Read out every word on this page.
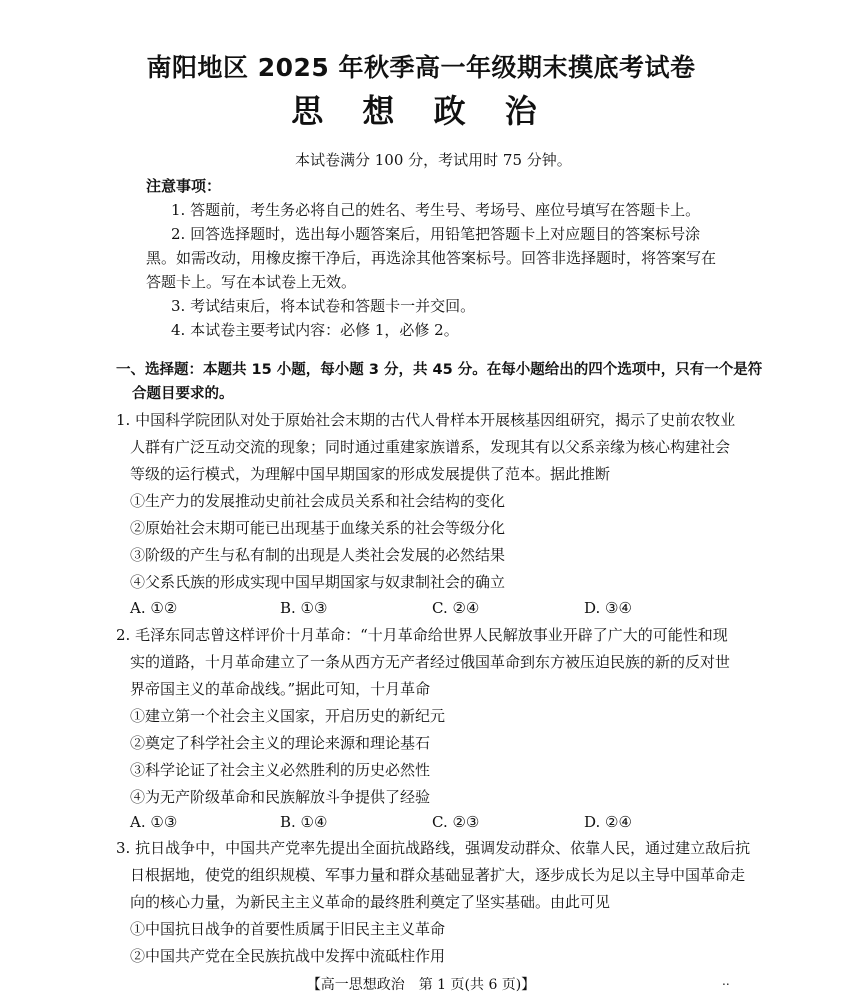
南阳地区 2025 年秋季高一年级期末摸底考试卷
思 想 政 治
本试卷满分 100 分，考试用时 75 分钟。
注意事项：
1. 答题前，考生务必将自己的姓名、考生号、考场号、座位号填写在答题卡上。
2. 回答选择题时，选出每小题答案后，用铅笔把答题卡上对应题目的答案标号涂
黑。如需改动，用橡皮擦干净后，再选涂其他答案标号。回答非选择题时，将答案写在
答题卡上。写在本试卷上无效。
3. 考试结束后，将本试卷和答题卡一并交回。
4. 本试卷主要考试内容：必修 1，必修 2。
一、选择题：本题共 15 小题，每小题 3 分，共 45 分。在每小题给出的四个选项中，只有一个是符
合题目要求的。
1. 中国科学院团队对处于原始社会末期的古代人骨样本开展核基因组研究，揭示了史前农牧业
人群有广泛互动交流的现象；同时通过重建家族谱系，发现其有以父系亲缘为核心构建社会
等级的运行模式，为理解中国早期国家的形成发展提供了范本。据此推断
①生产力的发展推动史前社会成员关系和社会结构的变化
②原始社会末期可能已出现基于血缘关系的社会等级分化
③阶级的产生与私有制的出现是人类社会发展的必然结果
④父系氏族的形成实现中国早期国家与奴隶制社会的确立
A. ①②	B. ①③	C. ②④	D. ③④
2. 毛泽东同志曾这样评价十月革命：“十月革命给世界人民解放事业开辟了广大的可能性和现
实的道路，十月革命建立了一条从西方无产者经过俄国革命到东方被压迫民族的新的反对世
界帝国主义的革命战线。”据此可知，十月革命
①建立第一个社会主义国家，开启历史的新纪元
②奠定了科学社会主义的理论来源和理论基石
③科学论证了社会主义必然胜利的历史必然性
④为无产阶级革命和民族解放斗争提供了经验
A. ①③	B. ①④	C. ②③	D. ②④
3. 抗日战争中，中国共产党率先提出全面抗战路线，强调发动群众、依靠人民，通过建立敌后抗
日根据地，使党的组织规模、军事力量和群众基础显著扩大，逐步成长为足以主导中国革命走
向的核心力量，为新民主主义革命的最终胜利奠定了坚实基础。由此可见
①中国抗日战争的首要性质属于旧民主主义革命
②中国共产党在全民族抗战中发挥中流砥柱作用
【高一思想政治　第 1 页(共 6 页)】	..
